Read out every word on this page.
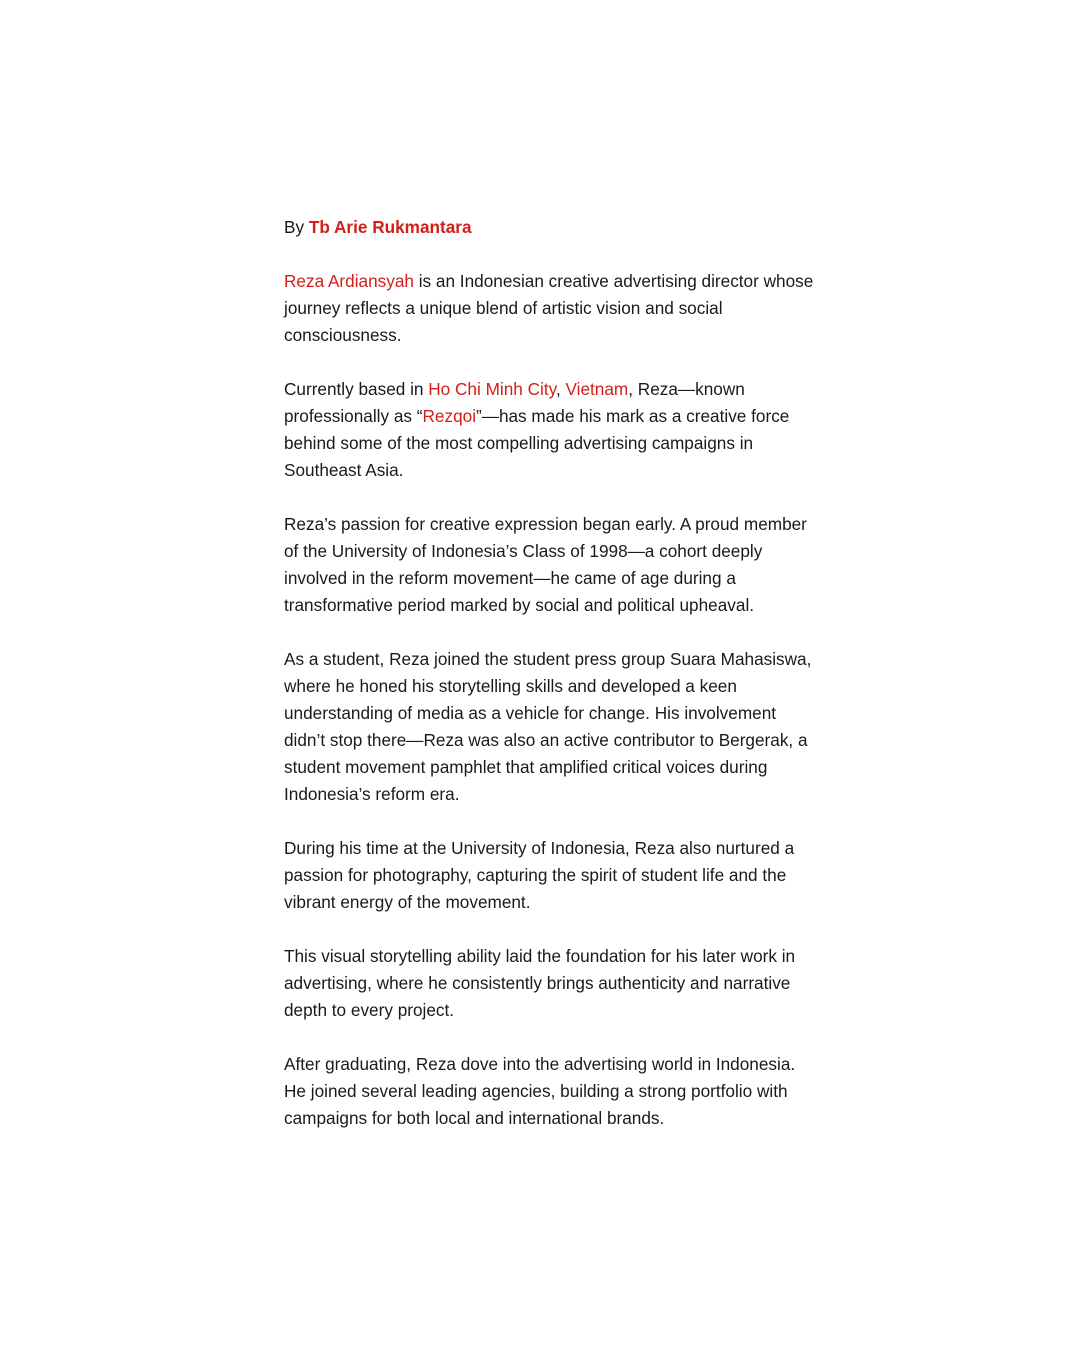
By Tb Arie Rukmantara

Reza Ardiansyah is an Indonesian creative advertising director whose journey reflects a unique blend of artistic vision and social consciousness.

Currently based in Ho Chi Minh City, Vietnam, Reza—known professionally as “Rezqoi”—has made his mark as a creative force behind some of the most compelling advertising campaigns in Southeast Asia.

Reza’s passion for creative expression began early. A proud member of the University of Indonesia’s Class of 1998—a cohort deeply involved in the reform movement—he came of age during a transformative period marked by social and political upheaval.

As a student, Reza joined the student press group Suara Mahasiswa, where he honed his storytelling skills and developed a keen understanding of media as a vehicle for change. His involvement didn’t stop there—Reza was also an active contributor to Bergerak, a student movement pamphlet that amplified critical voices during Indonesia’s reform era.

During his time at the University of Indonesia, Reza also nurtured a passion for photography, capturing the spirit of student life and the vibrant energy of the movement.

This visual storytelling ability laid the foundation for his later work in advertising, where he consistently brings authenticity and narrative depth to every project.

After graduating, Reza dove into the advertising world in Indonesia. He joined several leading agencies, building a strong portfolio with campaigns for both local and international brands.
